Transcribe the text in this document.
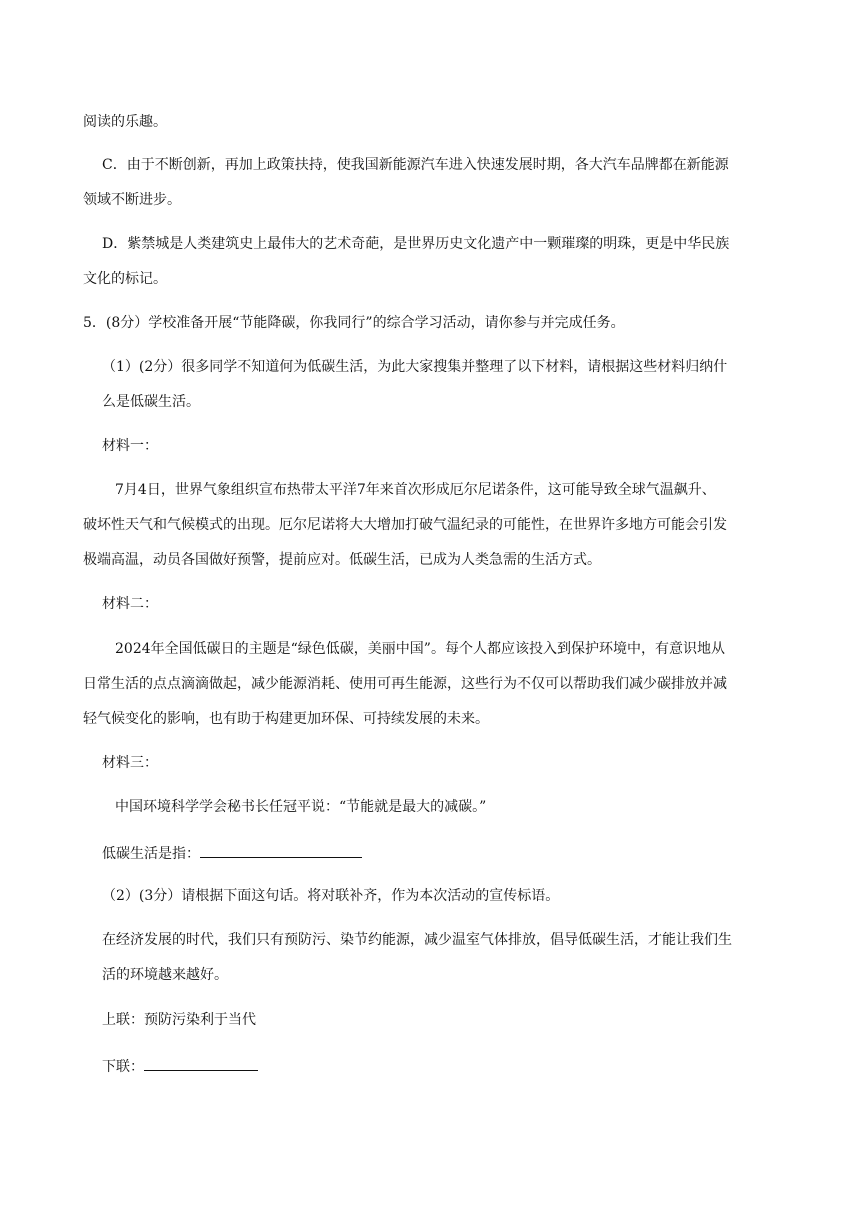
阅读的乐趣。
C．由于不断创新，再加上政策扶持，使我国新能源汽车进入快速发展时期，各大汽车品牌都在新能源
领域不断进步。
D．紫禁城是人类建筑史上最伟大的艺术奇葩，是世界历史文化遗产中一颗璀璨的明珠，更是中华民族
文化的标记。
5．(8分）学校准备开展“节能降碳，你我同行”的综合学习活动，请你参与并完成任务。
（1）(2分）很多同学不知道何为低碳生活，为此大家搜集并整理了以下材料，请根据这些材料归纳什
么是低碳生活。
材料一：
7月4日，世界气象组织宣布热带太平洋7年来首次形成厄尔尼诺条件，这可能导致全球气温飙升、
破坏性天气和气候模式的出现。厄尔尼诺将大大增加打破气温纪录的可能性，在世界许多地方可能会引发
极端高温，动员各国做好预警，提前应对。低碳生活，已成为人类急需的生活方式。
材料二：
2024年全国低碳日的主题是“绿色低碳，美丽中国”。每个人都应该投入到保护环境中，有意识地从
日常生活的点点滴滴做起，减少能源消耗、使用可再生能源，这些行为不仅可以帮助我们减少碳排放并减
轻气候变化的影响，也有助于构建更加环保、可持续发展的未来。
材料三：
中国环境科学学会秘书长任冠平说：“节能就是最大的减碳。”
低碳生活是指：
（2）(3分）请根据下面这句话。将对联补齐，作为本次活动的宣传标语。
在经济发展的时代，我们只有预防污、染节约能源，减少温室气体排放，倡导低碳生活，才能让我们生
活的环境越来越好。
上联：预防污染利于当代
下联：
